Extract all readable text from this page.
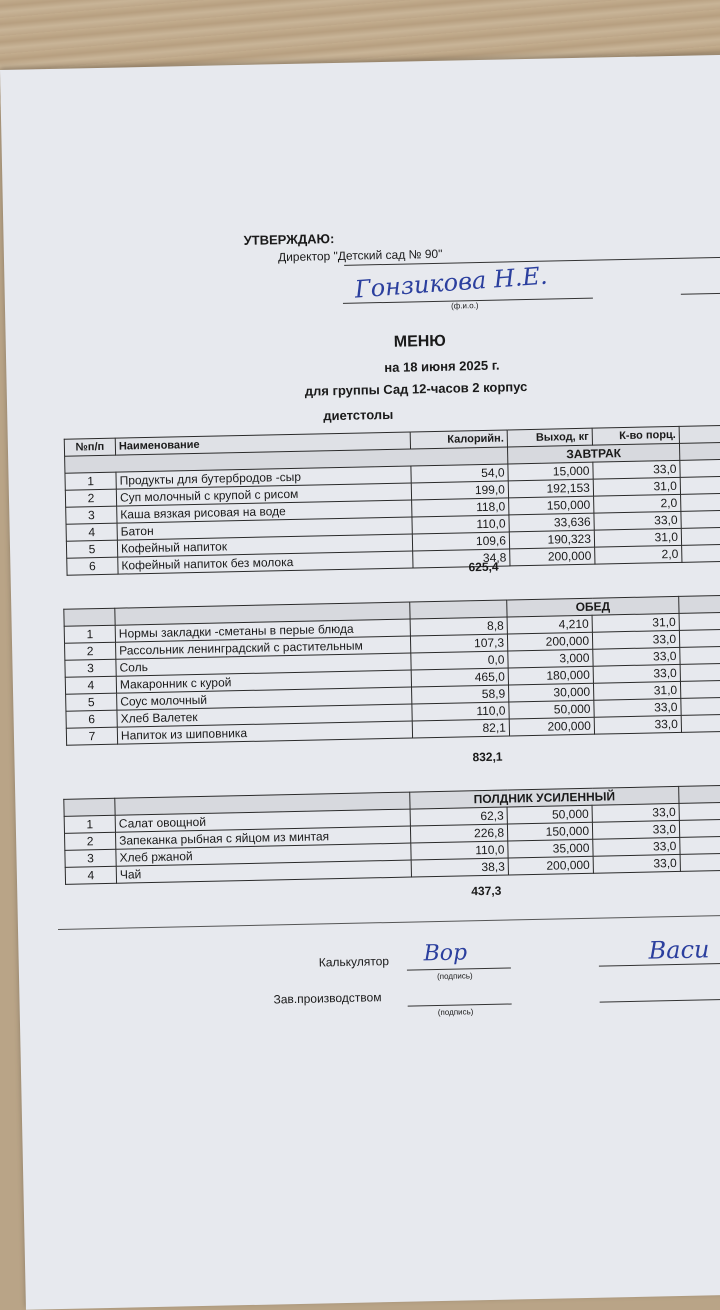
УТВЕРЖДАЮ:
Директор "Детский сад № 90"
Гонзикова Н.Е.
(ф.и.о.)
МЕНЮ
на 18 июня 2025 г.
для группы Сад 12-часов 2 корпус
диетстолы
№п/п	Наименование	Калорийн.	Выход, кг	К-во порц.	
			ЗАВТРАК		
1	Продукты для бутербродов -сыр	54,0	15,000	33,0	
2	Суп молочный с крупой с рисом	199,0	192,153	31,0	
3	Каша вязкая рисовая на воде	118,0	150,000	2,0	
4	Батон	110,0	33,636	33,0	
5	Кофейный напиток	109,6	190,323	31,0	
6	Кофейный напиток без молока	34,8	200,000	2,0	
625,4
			ОБЕД		
1	Нормы закладки -сметаны в перые блюда	8,8	4,210	31,0	
2	Рассольник ленинградский с растительным	107,3	200,000	33,0	
3	Соль	0,0	3,000	33,0	
4	Макаронник с курой	465,0	180,000	33,0	
5	Соус молочный	58,9	30,000	31,0	
6	Хлеб Валетек	110,0	50,000	33,0	
7	Напиток из шиповника	82,1	200,000	33,0	
832,1
		ПОЛДНИК УСИЛЕННЫЙ			
1	Салат овощной	62,3	50,000	33,0	
2	Запеканка рыбная с яйцом из минтая	226,8	150,000	33,0	
3	Хлеб ржаной	110,0	35,000	33,0	
4	Чай	38,3	200,000	33,0	
437,3
Калькулятор Вор
(подпись)
Васи
Зав.производством
(подпись)
